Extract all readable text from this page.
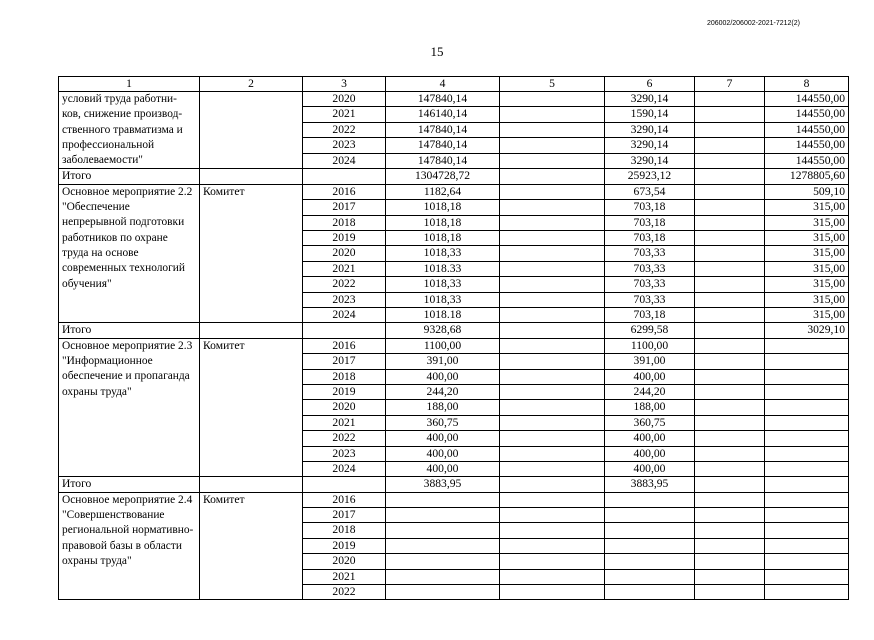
206002/206002-2021-7212(2)
15
1	2	3	4	5	6	7	8
условий труда работни- ков, снижение производ- ственного травматизма и профессиональной заболеваемости"		2020	147840,14		3290,14		144550,00
		2021	146140,14		1590,14		144550,00
		2022	147840,14		3290,14		144550,00
		2023	147840,14		3290,14		144550,00
		2024	147840,14		3290,14		144550,00
Итого			1304728,72		25923,12		1278805,60
Основное мероприятие 2.2 "Обеспечение непрерывной подготовки работников по охране труда на основе современных технологий обучения"	Комитет	2016	1182,64		673,54		509,10
		2017	1018,18		703,18		315,00
		2018	1018,18		703,18		315,00
		2019	1018,18		703,18		315,00
		2020	1018,33		703,33		315,00
		2021	1018.33		703,33		315,00
		2022	1018,33		703,33		315,00
		2023	1018,33		703,33		315,00
		2024	1018.18		703,18		315,00
Итого			9328,68		6299,58		3029,10
Основное мероприятие 2.3 "Информационное обеспечение и пропаганда охраны труда"	Комитет	2016	1100,00		1100,00		
		2017	391,00		391,00		
		2018	400,00		400,00		
		2019	244,20		244,20		
		2020	188,00		188,00		
		2021	360,75		360,75		
		2022	400,00		400,00		
		2023	400,00		400,00		
		2024	400,00		400,00		
Итого			3883,95		3883,95		
Основное мероприятие 2.4 "Совершенствование региональной нормативно-правовой базы в области охраны труда"	Комитет	2016					
		2017					
		2018					
		2019					
		2020					
		2021					
		2022					
